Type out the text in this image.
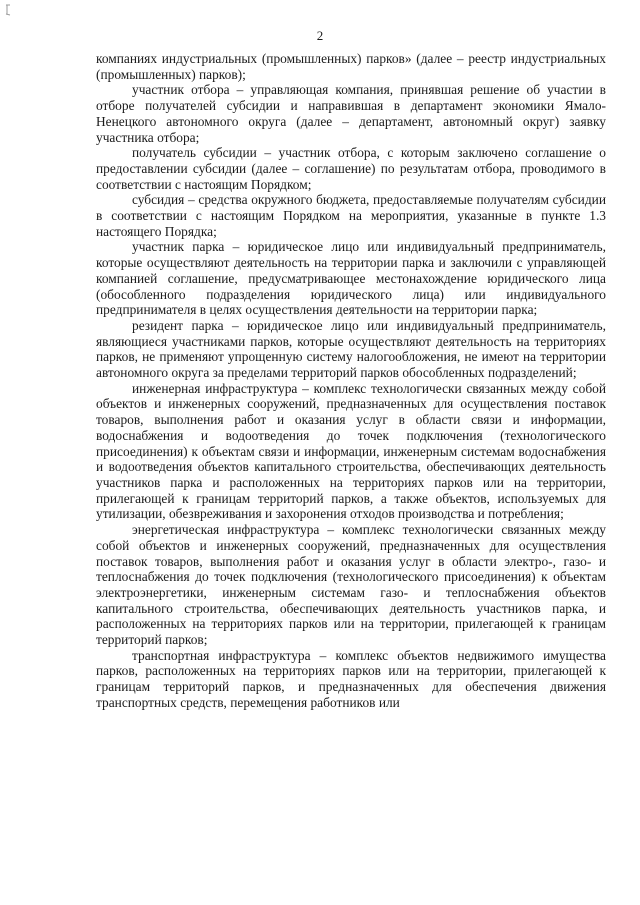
2

компаниях индустриальных (промышленных) парков» (далее – реестр индустриальных (промышленных) парков);

участник отбора – управляющая компания, принявшая решение об участии в отборе получателей субсидии и направившая в департамент экономики Ямало-Ненецкого автономного округа (далее – департамент, автономный округ) заявку участника отбора;

получатель субсидии – участник отбора, с которым заключено соглашение о предоставлении субсидии (далее – соглашение) по результатам отбора, проводимого в соответствии с настоящим Порядком;

субсидия – средства окружного бюджета, предоставляемые получателям субсидии в соответствии с настоящим Порядком на мероприятия, указанные в пункте 1.3 настоящего Порядка;

участник парка – юридическое лицо или индивидуальный предприниматель, которые осуществляют деятельность на территории парка и заключили с управляющей компанией соглашение, предусматривающее местонахождение юридического лица (обособленного подразделения юридического лица) или индивидуального предпринимателя в целях осуществления деятельности на территории парка;

резидент парка – юридическое лицо или индивидуальный предприниматель, являющиеся участниками парков, которые осуществляют деятельность на территориях парков, не применяют упрощенную систему налогообложения, не имеют на территории автономного округа за пределами территорий парков обособленных подразделений;

инженерная инфраструктура – комплекс технологически связанных между собой объектов и инженерных сооружений, предназначенных для осуществления поставок товаров, выполнения работ и оказания услуг в области связи и информации, водоснабжения и водоотведения до точек подключения (технологического присоединения) к объектам связи и информации, инженерным системам водоснабжения и водоотведения объектов капитального строительства, обеспечивающих деятельность участников парка и расположенных на территориях парков или на территории, прилегающей к границам территорий парков, а также объектов, используемых для утилизации, обезвреживания и захоронения отходов производства и потребления;

энергетическая инфраструктура – комплекс технологически связанных между собой объектов и инженерных сооружений, предназначенных для осуществления поставок товаров, выполнения работ и оказания услуг в области электро-, газо- и теплоснабжения до точек подключения (технологического присоединения) к объектам электроэнергетики, инженерным системам газо- и теплоснабжения объектов капитального строительства, обеспечивающих деятельность участников парка, и расположенных на территориях парков или на территории, прилегающей к границам территорий парков;

транспортная инфраструктура – комплекс объектов недвижимого имущества парков, расположенных на территориях парков или на территории, прилегающей к границам территорий парков, и предназначенных для обеспечения движения транспортных средств, перемещения работников или
